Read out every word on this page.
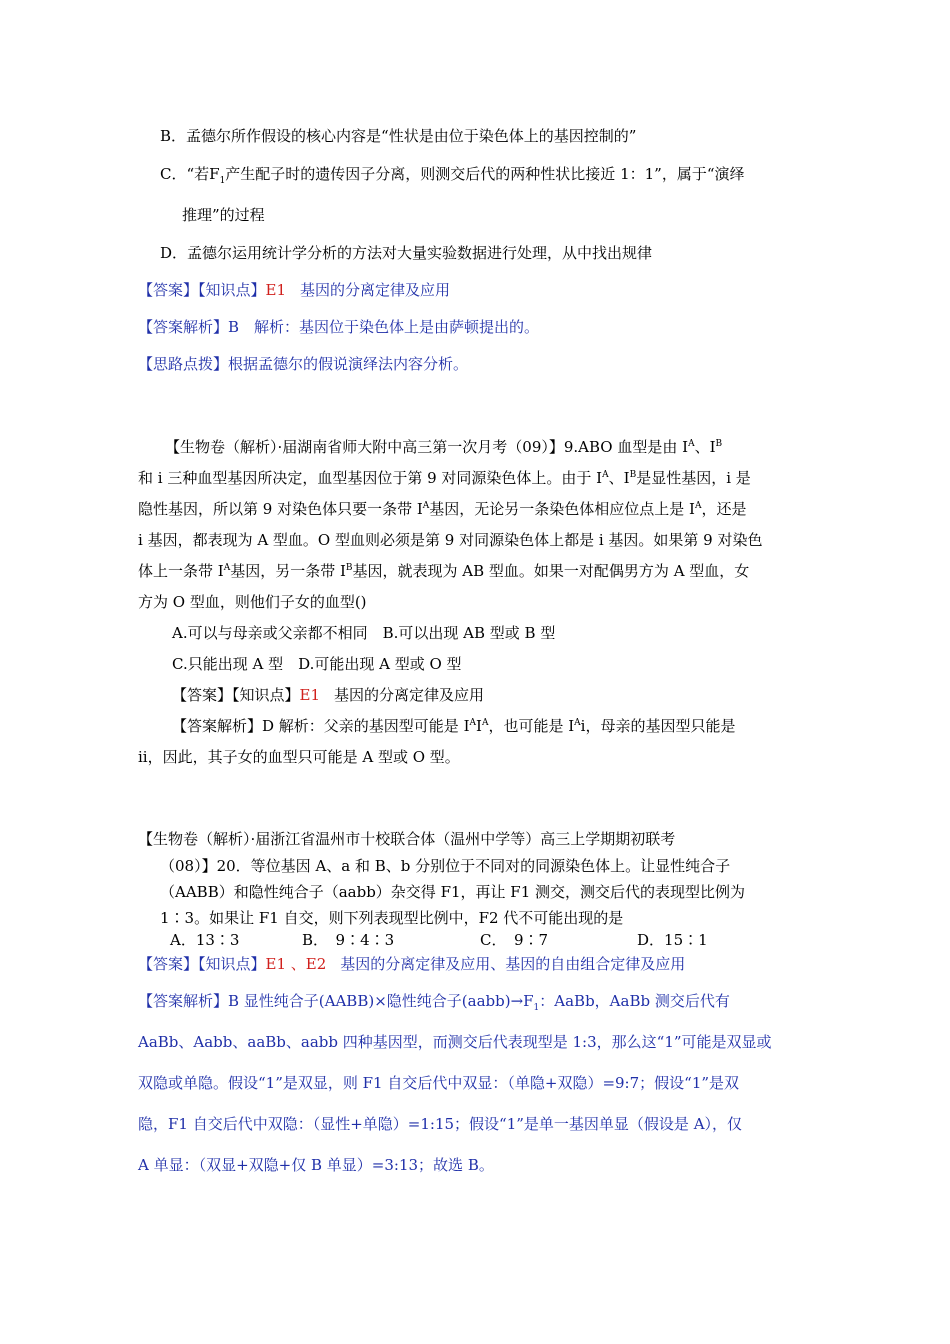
B．孟德尔所作假设的核心内容是“性状是由位于染色体上的基因控制的”
C．“若$F_1$产生配子时的遗传因子分离，则测交后代的两种性状比接近 1：1”，属于“演绎
推理”的过程
D．孟德尔运用统计学分析的方法对大量实验数据进行处理，从中找出规律
【答案】【知识点】E1 基因的分离定律及应用
【答案解析】B　解析：基因位于染色体上是由萨顿提出的。
【思路点拨】根据孟德尔的假说演绎法内容分析。
【生物卷（解析）·届湖南省师大附中高三第一次月考（09）】9.ABO 血型是由 $I^A$、$I^B$
和 i 三种血型基因所决定，血型基因位于第 9 对同源染色体上。由于 $I^A$、$I^B$是显性基因，i 是
隐性基因，所以第 9 对染色体只要一条带 $I^A$基因，无论另一条染色体相应位点上是 $I^A$，还是
i 基因，都表现为 A 型血。O 型血则必须是第 9 对同源染色体上都是 i 基因。如果第 9 对染色
体上一条带 $I^A$基因，另一条带 $I^B$基因，就表现为 AB 型血。如果一对配偶男方为 A 型血，女
方为 O 型血，则他们子女的血型()
A.可以与母亲或父亲都不相同　B.可以出现 AB 型或 B 型
C.只能出现 A 型　D.可能出现 A 型或 O 型
【答案】【知识点】E1 基因的分离定律及应用
【答案解析】D 解析：父亲的基因型可能是 $I^AI^A$，也可能是 $I^Ai$，母亲的基因型只能是
ii，因此，其子女的血型只可能是 A 型或 O 型。
【生物卷（解析）·届浙江省温州市十校联合体（温州中学等）高三上学期期初联考
（08）】20．等位基因 A、a 和 B、b 分别位于不同对的同源染色体上。让显性纯合子
（AABB）和隐性纯合子（aabb）杂交得 F1，再让 F1 测交，测交后代的表现型比例为
1∶3。如果让 F1 自交，则下列表现型比例中，F2 代不可能出现的是
A．13∶3	B．　9∶4∶3	C．　9∶7	D．15∶1
【答案】【知识点】E1 、E2 基因的分离定律及应用、基因的自由组合定律及应用
【答案解析】B 显性纯合子(AABB)×隐性纯合子$(aabb)\to F_1$：AaBb，AaBb 测交后代有
AaBb、Aabb、aaBb、aabb 四种基因型，而测交后代表现型是 1:3，那么这“1”可能是双显或
双隐或单隐。假设“1”是双显，则 F1 自交后代中双显：（单隐+双隐）=9:7；假设“1”是双
隐，F1 自交后代中双隐：（显性+单隐）=1:15；假设“1”是单一基因单显（假设是 A），仅
A 单显：（双显+双隐+仅 B 单显）=3:13；故选 B。
